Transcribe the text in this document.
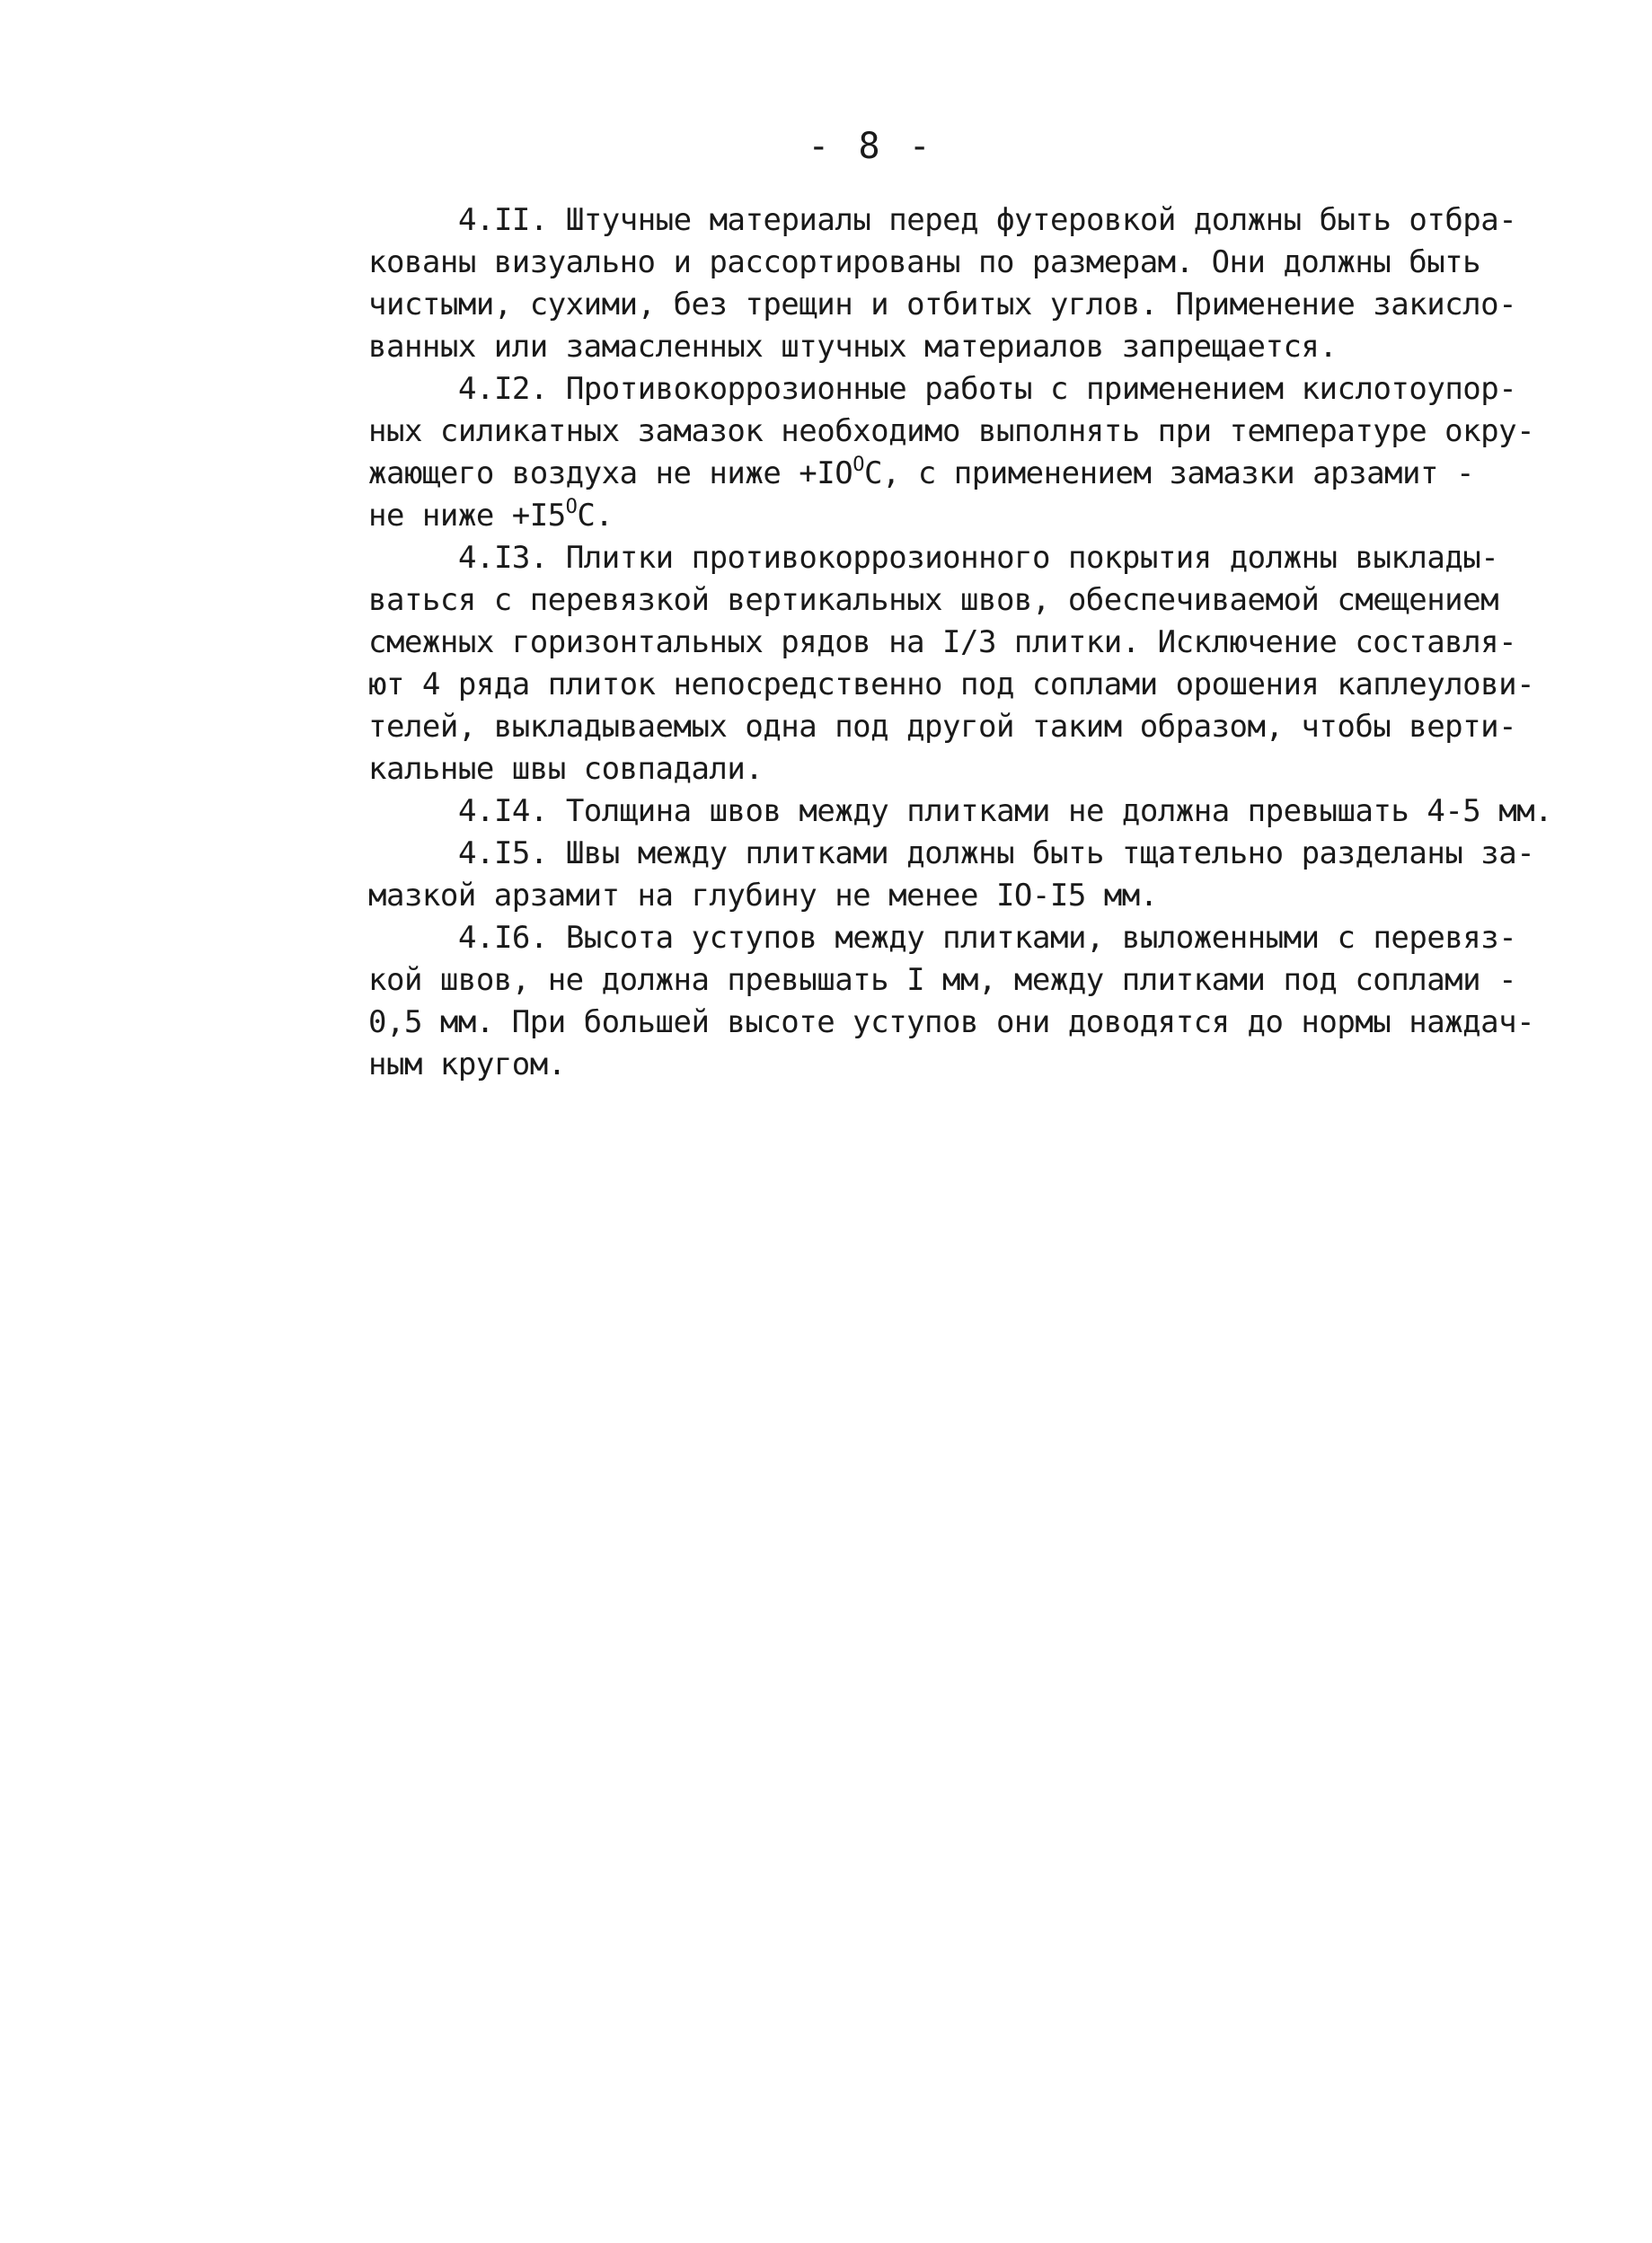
- 8 -

4.II. Штучные материалы перед футеровкой должны быть отбра-
кованы визуально и рассортированы по размерам. Они должны быть
чистыми, сухими, без трещин и отбитых углов. Применение закисло-
ванных или замасленных штучных материалов запрещается.

4.I2. Противокоррозионные работы с применением кислотоупор-
ных силикатных замазок необходимо выполнять при температуре окру-
жающего воздуха не ниже $+IO^OC$, с применением замазки арзамит -
не ниже $+I5^OC$.

4.I3. Плитки противокоррозионного покрытия должны выклады-
ваться с перевязкой вертикальных швов, обеспечиваемой смещением
смежных горизонтальных рядов на I/3 плитки. Исключение составля-
ют 4 ряда плиток непосредственно под соплами орошения каплеулови-
телей, выкладываемых одна под другой таким образом, чтобы верти-
кальные швы совпадали.

4.I4. Толщина швов между плитками не должна превышать 4-5 мм.

4.I5. Швы между плитками должны быть тщательно разделаны за-
мазкой арзамит на глубину не менее IO-I5 мм.

4.I6. Высота уступов между плитками, выложенными с перевяз-
кой швов, не должна превышать I мм, между плитками под соплами -
0,5 мм. При большей высоте уступов они доводятся до нормы наждач-
ным кругом.
